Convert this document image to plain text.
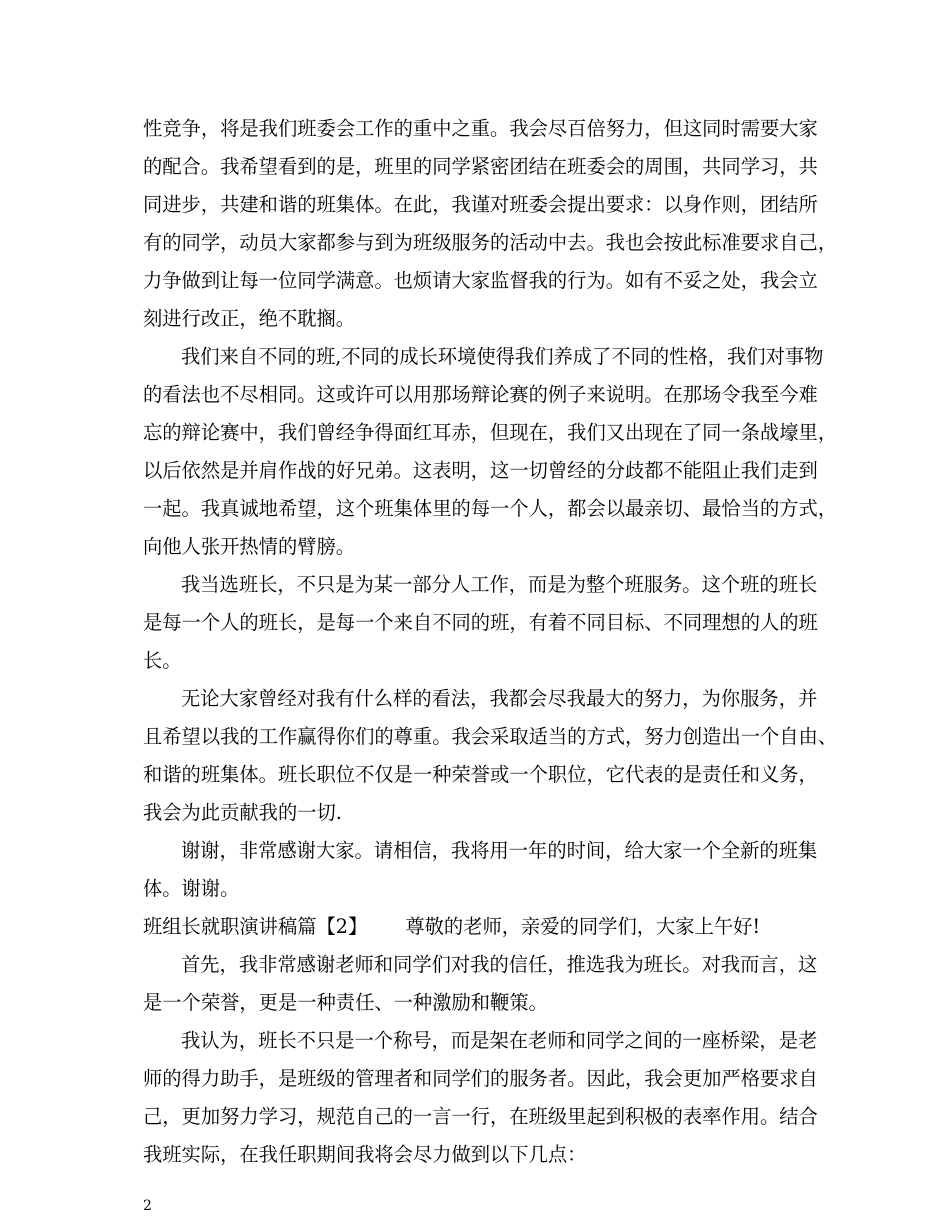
性竞争，将是我们班委会工作的重中之重。我会尽百倍努力，但这同时需要大家
的配合。我希望看到的是，班里的同学紧密团结在班委会的周围，共同学习，共
同进步，共建和谐的班集体。在此，我谨对班委会提出要求：以身作则，团结所
有的同学，动员大家都参与到为班级服务的活动中去。我也会按此标准要求自己，
力争做到让每一位同学满意。也烦请大家监督我的行为。如有不妥之处，我会立
刻进行改正，绝不耽搁。
我们来自不同的班,不同的成长环境使得我们养成了不同的性格，我们对事物
的看法也不尽相同。这或许可以用那场辩论赛的例子来说明。在那场令我至今难
忘的辩论赛中，我们曾经争得面红耳赤，但现在，我们又出现在了同一条战壕里，
以后依然是并肩作战的好兄弟。这表明，这一切曾经的分歧都不能阻止我们走到
一起。我真诚地希望，这个班集体里的每一个人，都会以最亲切、最恰当的方式，
向他人张开热情的臂膀。
我当选班长，不只是为某一部分人工作，而是为整个班服务。这个班的班长
是每一个人的班长，是每一个来自不同的班，有着不同目标、不同理想的人的班
长。
无论大家曾经对我有什么样的看法，我都会尽我最大的努力，为你服务，并
且希望以我的工作赢得你们的尊重。我会采取适当的方式，努力创造出一个自由、
和谐的班集体。班长职位不仅是一种荣誉或一个职位，它代表的是责任和义务，
我会为此贡献我的一切.
谢谢，非常感谢大家。请相信，我将用一年的时间，给大家一个全新的班集
体。谢谢。
班组长就职演讲稿篇【2】 尊敬的老师，亲爱的同学们，大家上午好!
首先，我非常感谢老师和同学们对我的信任，推选我为班长。对我而言，这
是一个荣誉，更是一种责任、一种激励和鞭策。
我认为，班长不只是一个称号，而是架在老师和同学之间的一座桥梁，是老
师的得力助手，是班级的管理者和同学们的服务者。因此，我会更加严格要求自
己，更加努力学习，规范自己的一言一行，在班级里起到积极的表率作用。结合
我班实际，在我任职期间我将会尽力做到以下几点：
2
